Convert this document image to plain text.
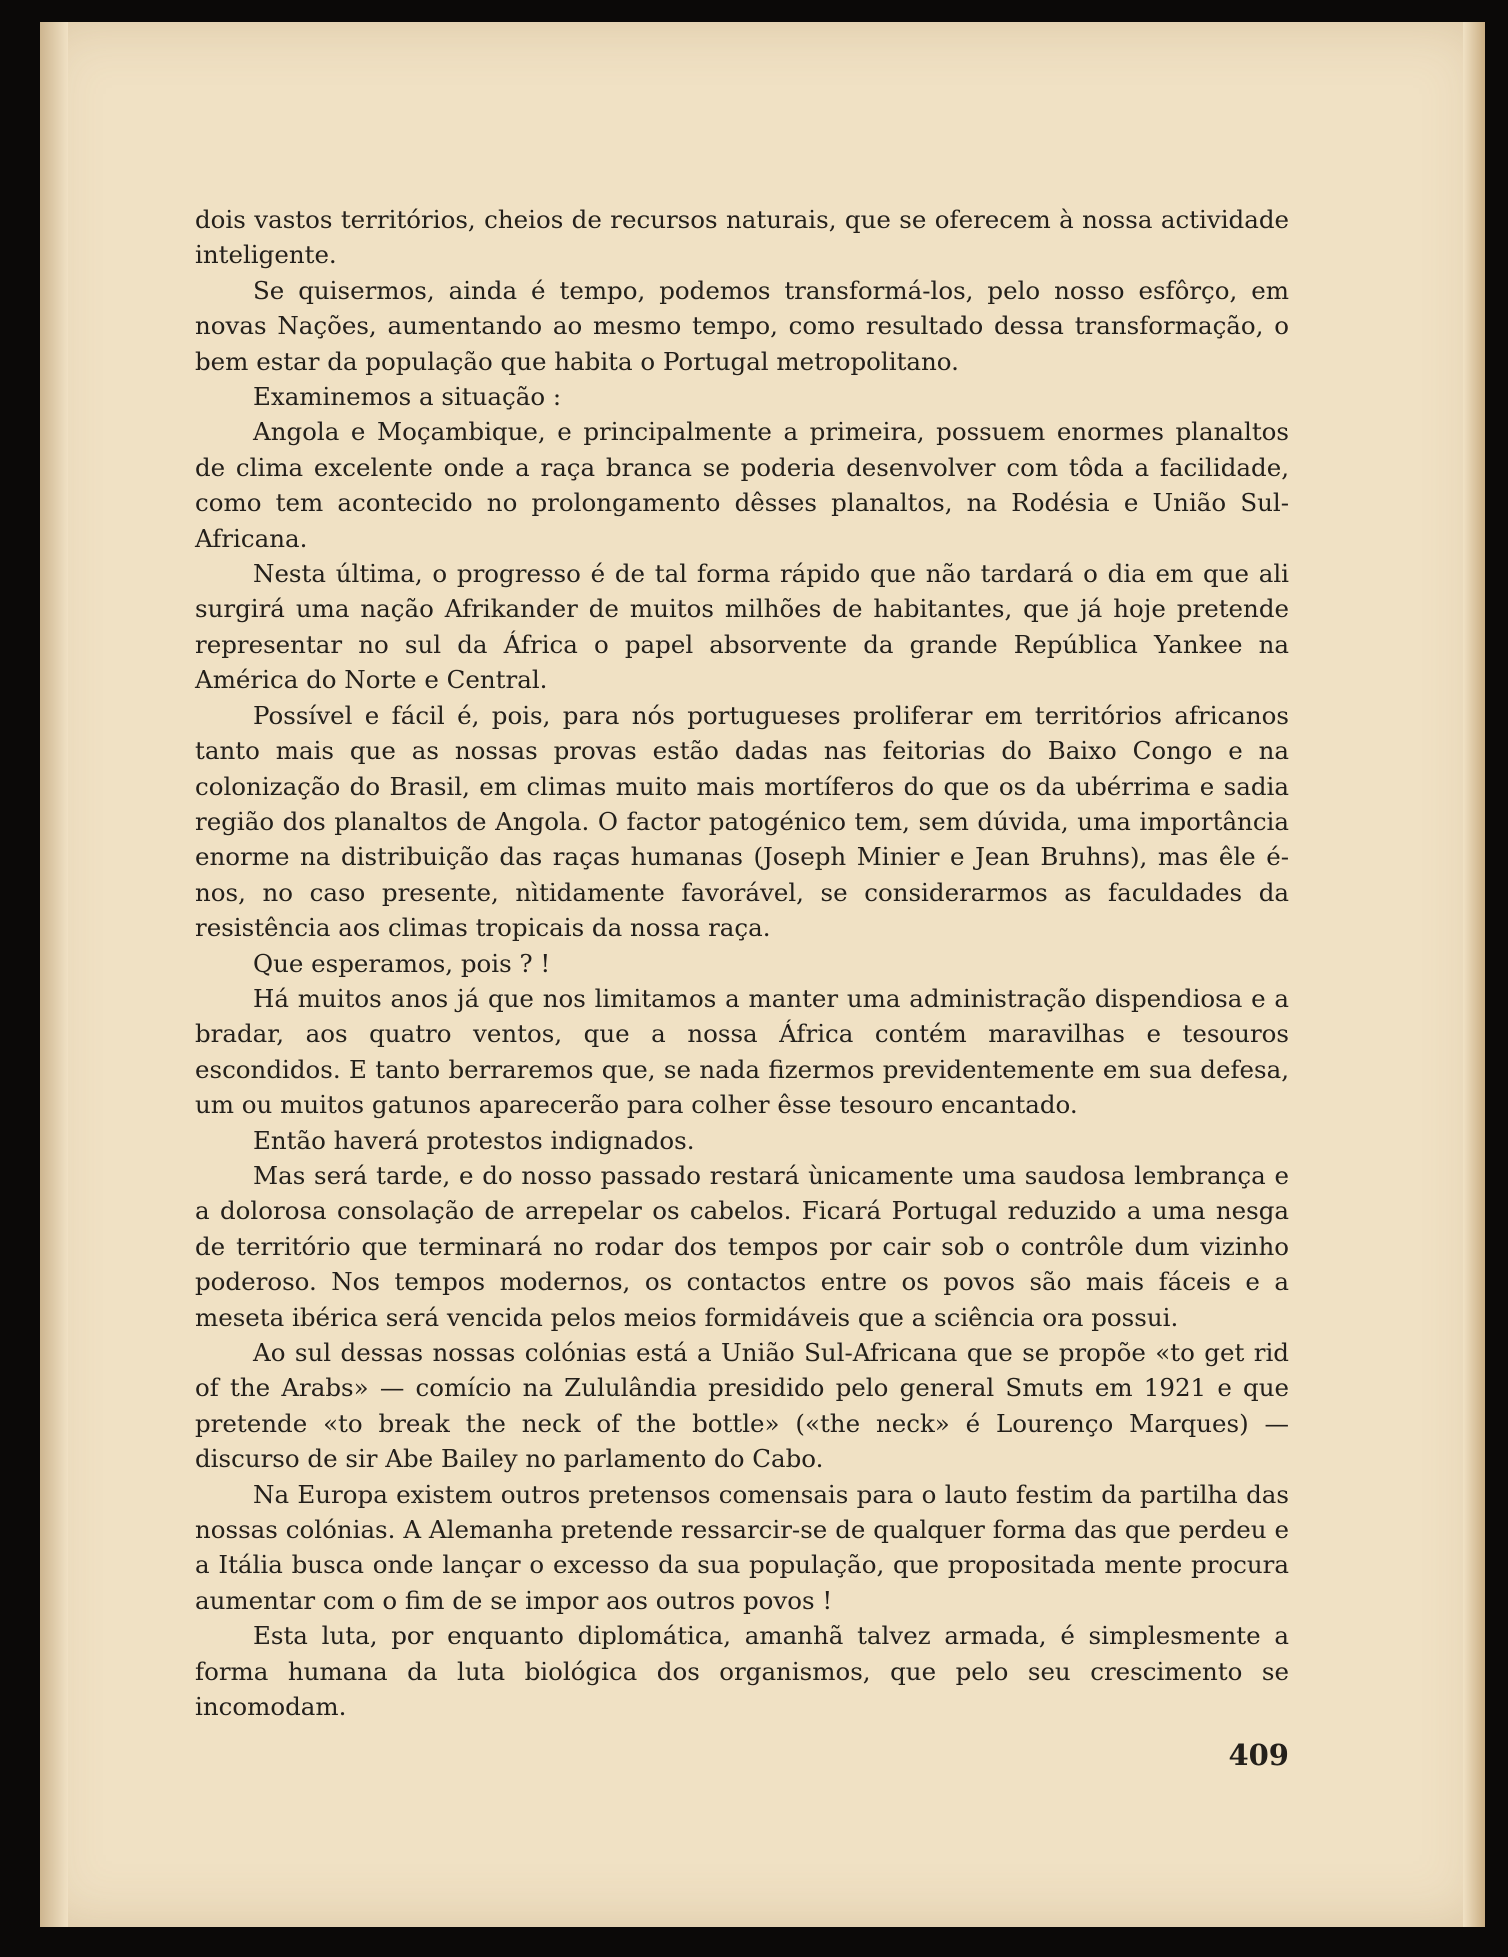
dois vastos territórios, cheios de recursos naturais, que se oferecem à nossa actividade inteligente.

Se quisermos, ainda é tempo, podemos transformá-los, pelo nosso esfôrço, em novas Nações, aumentando ao mesmo tempo, como resultado dessa transformação, o bem estar da população que habita o Portugal metropolitano.

Examinemos a situação :

Angola e Moçambique, e principalmente a primeira, possuem enormes planaltos de clima excelente onde a raça branca se poderia desenvolver com tôda a facilidade, como tem acontecido no prolongamento dêsses planaltos, na Rodésia e União Sul-Africana.

Nesta última, o progresso é de tal forma rápido que não tardará o dia em que ali surgirá uma nação Afrikander de muitos milhões de habitantes, que já hoje pretende representar no sul da África o papel absorvente da grande República Yankee na América do Norte e Central.

Possível e fácil é, pois, para nós portugueses proliferar em territórios africanos tanto mais que as nossas provas estão dadas nas feitorias do Baixo Congo e na colonização do Brasil, em climas muito mais mortíferos do que os da ubérrima e sadia região dos planaltos de Angola. O factor patogénico tem, sem dúvida, uma importância enorme na distribuição das raças humanas (Joseph Minier e Jean Bruhns), mas êle é-nos, no caso presente, nìtidamente favorável, se considerarmos as faculdades da resistência aos climas tropicais da nossa raça.

Que esperamos, pois ? !

Há muitos anos já que nos limitamos a manter uma administração dispendiosa e a bradar, aos quatro ventos, que a nossa África contém maravilhas e tesouros escondidos. E tanto berraremos que, se nada fizermos previdentemente em sua defesa, um ou muitos gatunos aparecerão para colher êsse tesouro encantado.

Então haverá protestos indignados.

Mas será tarde, e do nosso passado restará ùnicamente uma saudosa lembrança e a dolorosa consolação de arrepelar os cabelos. Ficará Portugal reduzido a uma nesga de território que terminará no rodar dos tempos por cair sob o contrôle dum vizinho poderoso. Nos tempos modernos, os contactos entre os povos são mais fáceis e a meseta ibérica será vencida pelos meios formidáveis que a sciência ora possui.

Ao sul dessas nossas colónias está a União Sul-Africana que se propõe «to get rid of the Arabs» — comício na Zululândia presidido pelo general Smuts em 1921 e que pretende «to break the neck of the bottle» («the neck» é Lourenço Marques) — discurso de sir Abe Bailey no parlamento do Cabo.

Na Europa existem outros pretensos comensais para o lauto festim da partilha das nossas colónias. A Alemanha pretende ressarcir-se de qualquer forma das que perdeu e a Itália busca onde lançar o excesso da sua população, que propositada mente procura aumentar com o fim de se impor aos outros povos !

Esta luta, por enquanto diplomática, amanhã talvez armada, é simplesmente a forma humana da luta biológica dos organismos, que pelo seu crescimento se incomodam.

409
